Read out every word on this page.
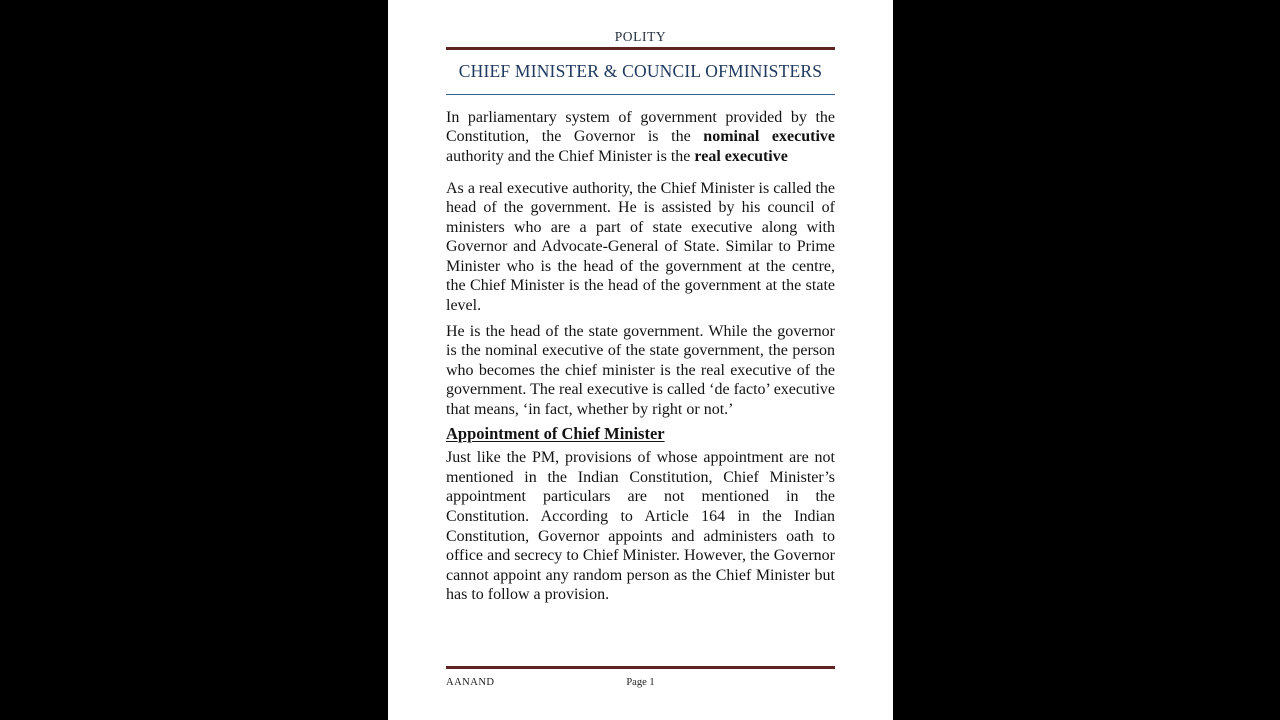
POLITY
CHIEF MINISTER & COUNCIL OFMINISTERS

In parliamentary system of government provided by the Constitution, the Governor is the nominal executive authority and the Chief Minister is the real executive

As a real executive authority, the Chief Minister is called the head of the government. He is assisted by his council of ministers who are a part of state executive along with Governor and Advocate-General of State. Similar to Prime Minister who is the head of the government at the centre, the Chief Minister is the head of the government at the state level.

He is the head of the state government. While the governor is the nominal executive of the state government, the person who becomes the chief minister is the real executive of the government. The real executive is called ‘de facto’ executive that means, ‘in fact, whether by right or not.’

Appointment of Chief Minister

Just like the PM, provisions of whose appointment are not mentioned in the Indian Constitution, Chief Minister’s appointment particulars are not mentioned in the Constitution. According to Article 164 in the Indian Constitution, Governor appoints and administers oath to office and secrecy to Chief Minister. However, the Governor cannot appoint any random person as the Chief Minister but has to follow a provision.

AANAND	Page 1
